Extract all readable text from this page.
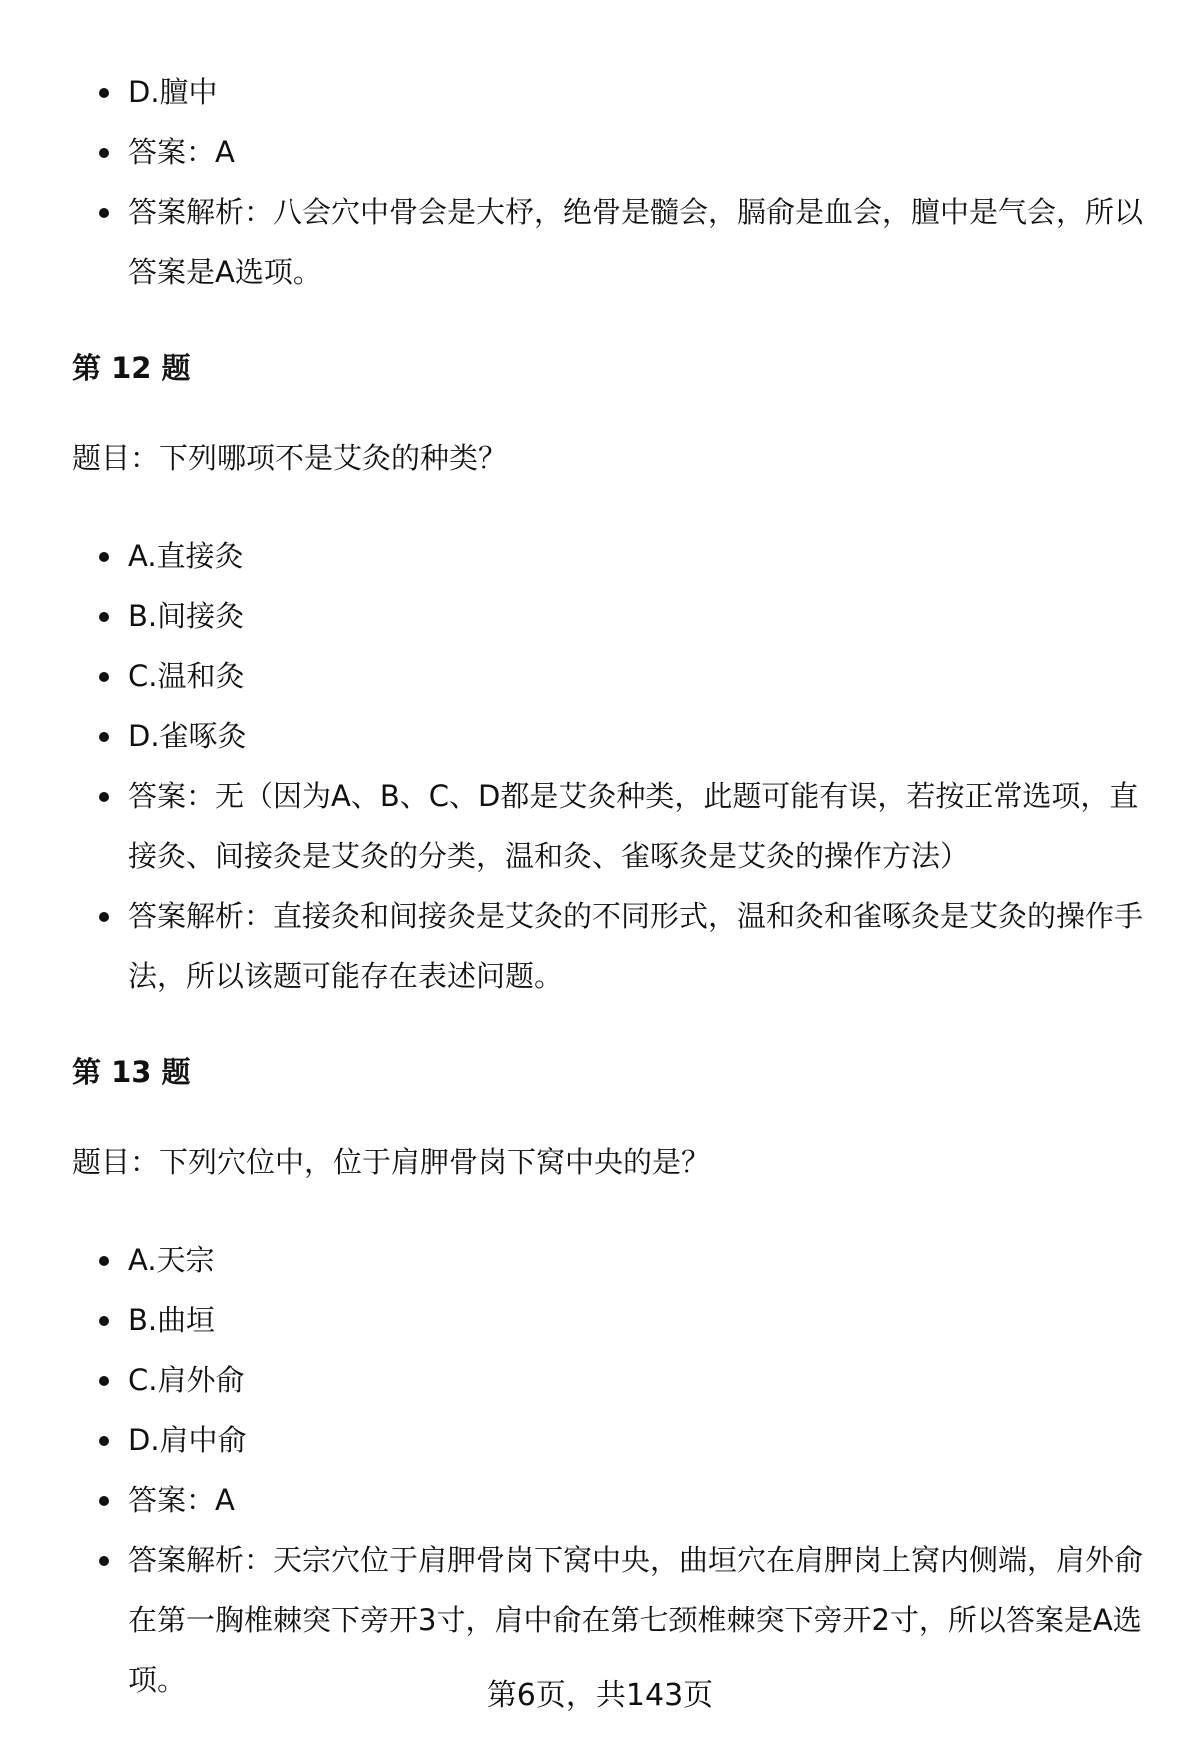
D.膻中
答案：A
答案解析：八会穴中骨会是大杼，绝骨是髓会，膈俞是血会，膻中是气会，所以答案是A选项。

第 12 题

题目：下列哪项不是艾灸的种类？

A.直接灸
B.间接灸
C.温和灸
D.雀啄灸
答案：无（因为A、B、C、D都是艾灸种类，此题可能有误，若按正常选项，直接灸、间接灸是艾灸的分类，温和灸、雀啄灸是艾灸的操作方法）
答案解析：直接灸和间接灸是艾灸的不同形式，温和灸和雀啄灸是艾灸的操作手法，所以该题可能存在表述问题。

第 13 题

题目：下列穴位中，位于肩胛骨岗下窝中央的是？

A.天宗
B.曲垣
C.肩外俞
D.肩中俞
答案：A
答案解析：天宗穴位于肩胛骨岗下窝中央，曲垣穴在肩胛岗上窝内侧端，肩外俞在第一胸椎棘突下旁开3寸，肩中俞在第七颈椎棘突下旁开2寸，所以答案是A选项。	第6页，共143页
